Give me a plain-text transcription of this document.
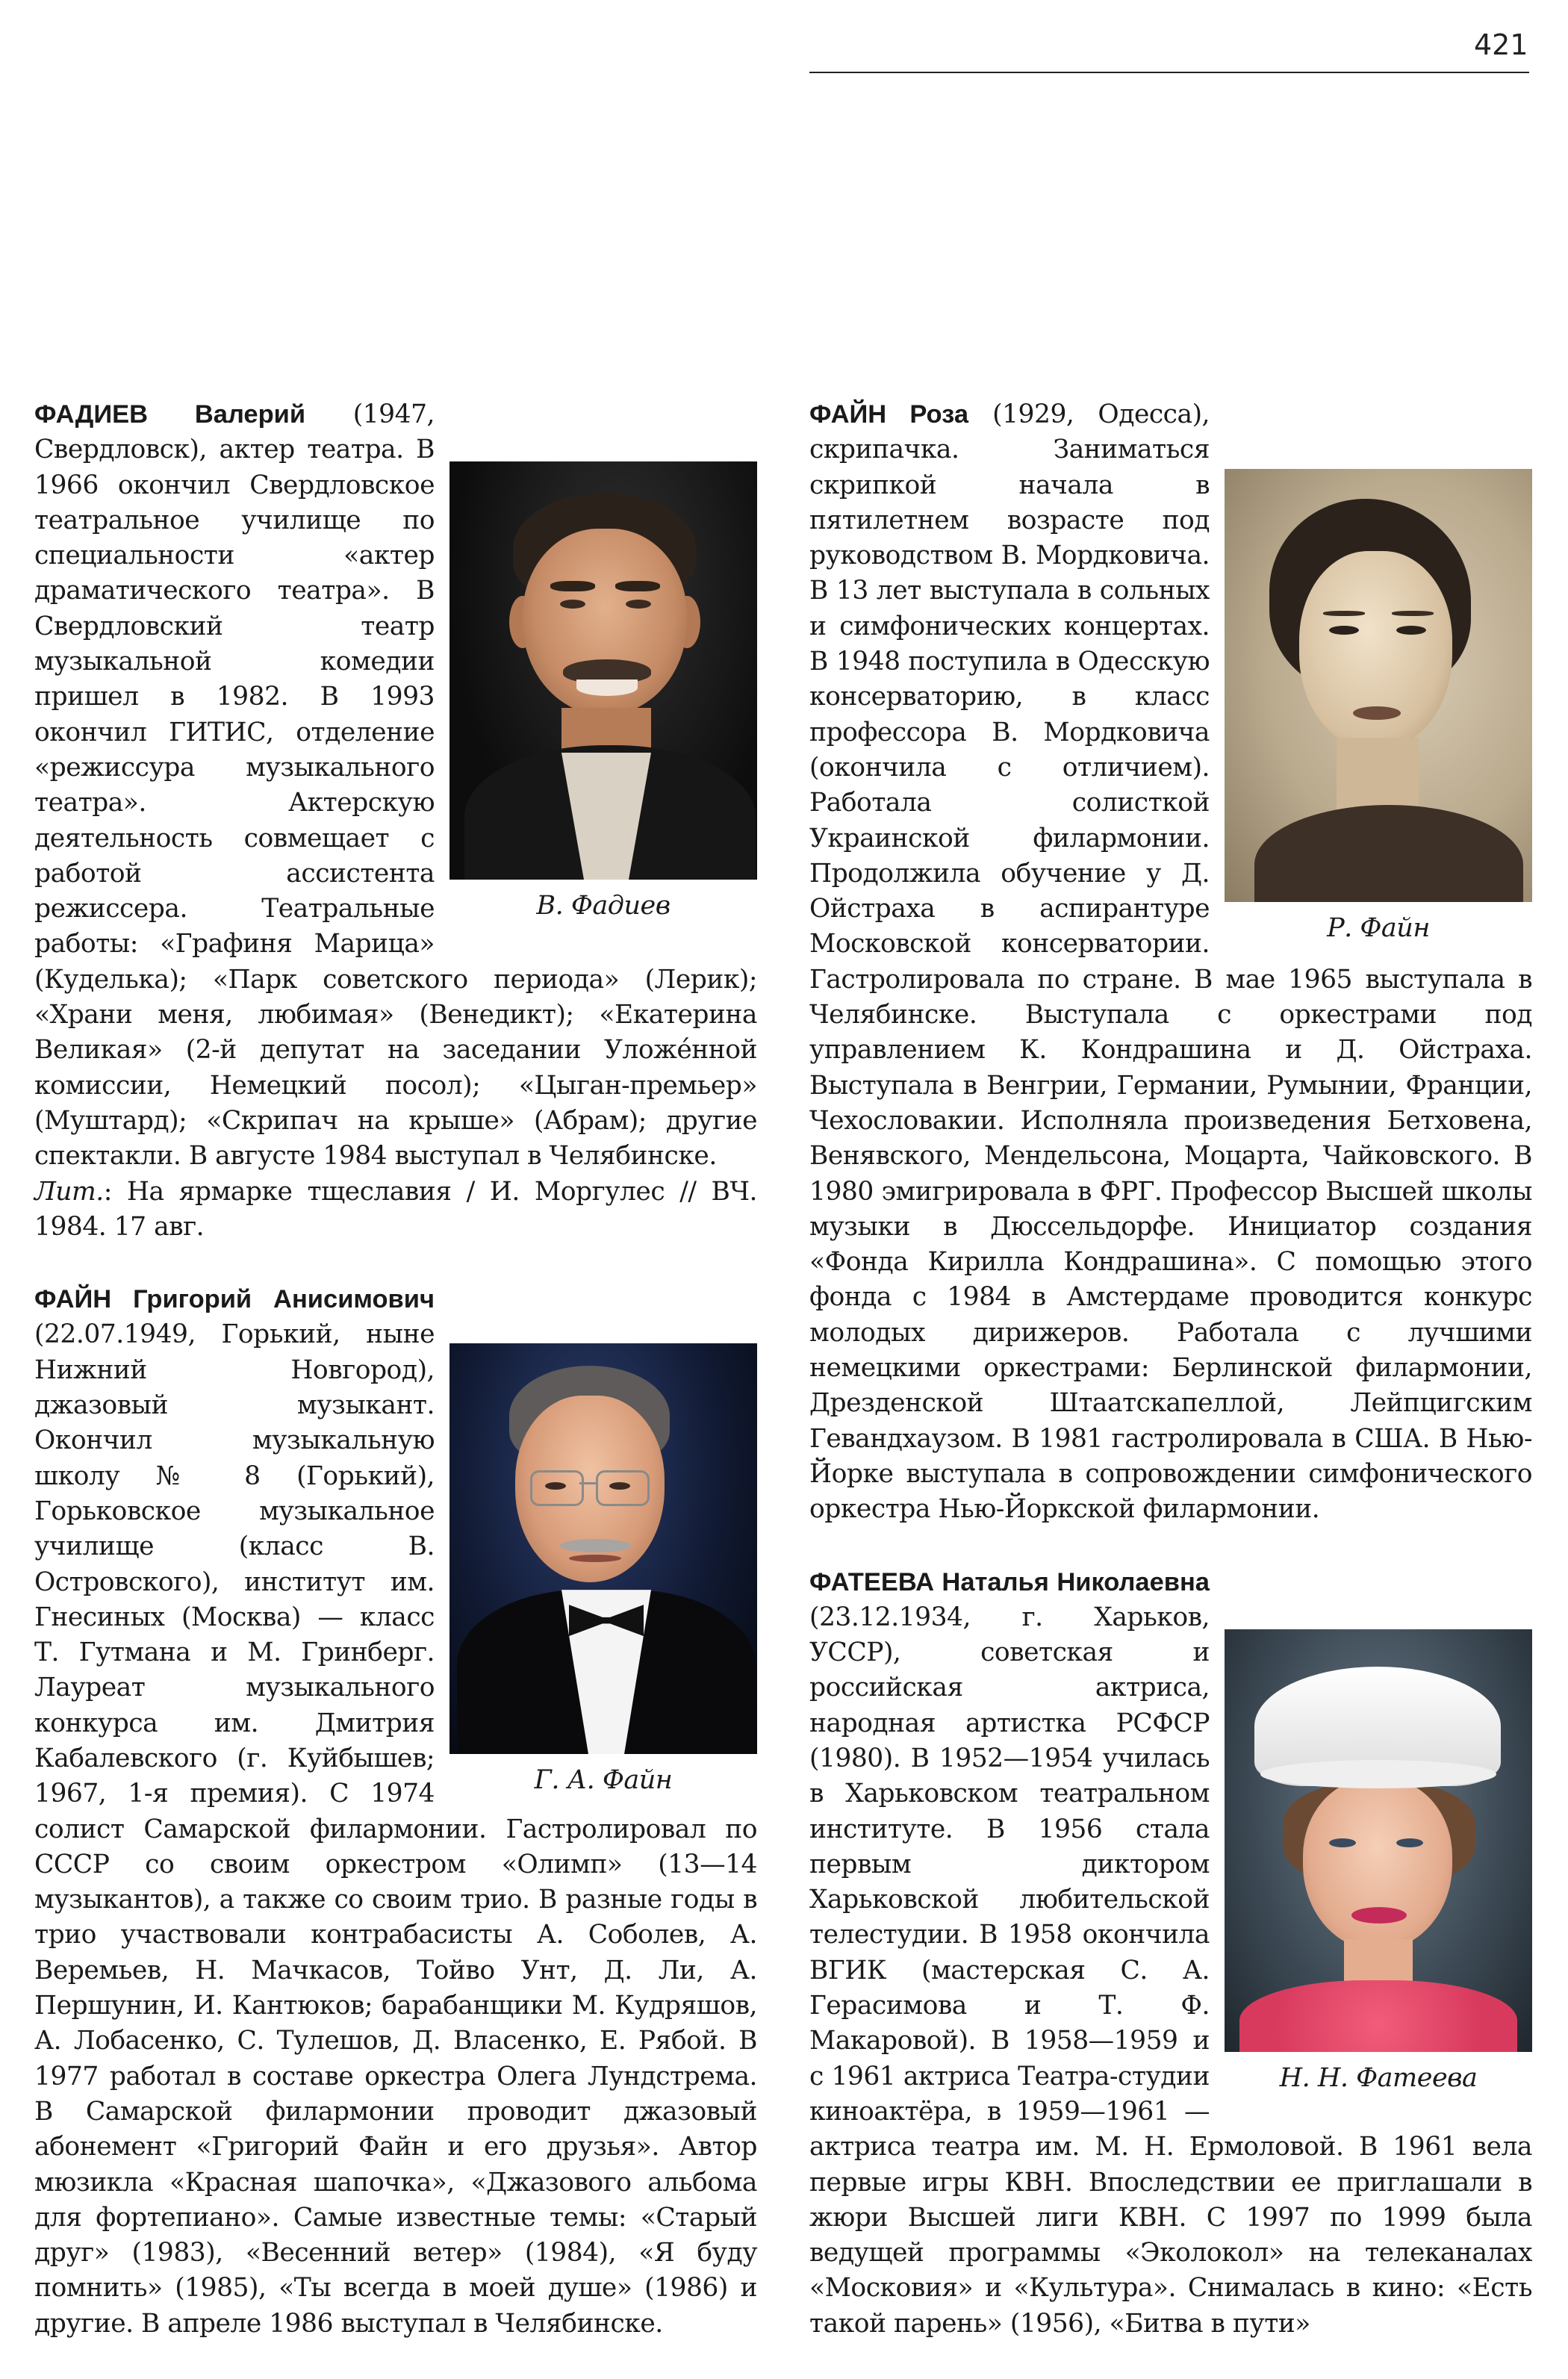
421
В. Фадиев

ФАДИЕВ Валерий (1947, Свердловск), актер театра. В 1966 окончил Свердловское театральное училище по специальности «актер драматического театра». В Свердловский театр музыкальной комедии пришел в 1982. В 1993 окончил ГИТИС, отделение «режиссура музыкального театра». Актерскую деятельность совмещает с работой ассистента режиссера. Театральные работы: «Графиня Марица» (Куделька); «Парк советского периода» (Лерик); «Храни меня, любимая» (Венедикт); «Екатерина Великая» (2-й депутат на заседании Уложéнной комиссии, Немецкий посол); «Цыган-премьер» (Муштард); «Скрипач на крыше» (Абрам); другие спектакли. В августе 1984 выступал в Челябинске.

Лит.: На ярмарке тщеславия / И. Моргулес // ВЧ. 1984. 17 авг.

Г. А. Файн

ФАЙН Григорий Анисимович (22.07.1949, Горький, ныне Нижний Новгород), джазовый музыкант. Окончил музыкальную школу № 8 (Горький), Горьковское музыкальное училище (класс В. Островского), институт им. Гнесиных (Москва) — класс Т. Гутмана и М. Гринберг. Лауреат музыкального конкурса им. Дмитрия Кабалевского (г. Куйбышев; 1967, 1-я премия). С 1974 солист Самарской филармонии. Гастролировал по СССР со своим оркестром «Олимп» (13—14 музыкантов), а также со своим трио. В разные годы в трио участвовали контрабасисты А. Соболев, А. Веремьев, Н. Мачкасов, Тойво Унт, Д. Ли, А. Першунин, И. Кантюков; барабанщики М. Кудряшов, А. Лобасенко, С. Тулешов, Д. Власенко, Е. Рябой. В 1977 работал в составе оркестра Олега Лундстрема. В Самарской филармонии проводит джазовый абонемент «Григорий Файн и его друзья». Автор мюзикла «Красная шапочка», «Джазового альбома для фортепиано». Самые известные темы: «Старый друг» (1983), «Весенний ветер» (1984), «Я буду помнить» (1985), «Ты всегда в моей душе» (1986) и другие. В апреле 1986 выступал в Челябинске.

Р. Файн

ФАЙН Роза (1929, Одесса), скрипачка. Заниматься скрипкой начала в пятилетнем возрасте под руководством В. Мордковича. В 13 лет выступала в сольных и симфонических концертах. В 1948 поступила в Одесскую консерваторию, в класс профессора В. Мордковича (окончила с отличием). Работала солисткой Украинской филармонии. Продолжила обучение у Д. Ойстраха в аспирантуре Московской консерватории. Гастролировала по стране. В мае 1965 выступала в Челябинске. Выступала с оркестрами под управлением К. Кондрашина и Д. Ойстраха. Выступала в Венгрии, Германии, Румынии, Франции, Чехословакии. Исполняла произведения Бетховена, Венявского, Мендельсона, Моцарта, Чайковского. В 1980 эмигрировала в ФРГ. Профессор Высшей школы музыки в Дюссельдорфе. Инициатор создания «Фонда Кирилла Кондрашина». С помощью этого фонда с 1984 в Амстердаме проводится конкурс молодых дирижеров. Работала с лучшими немецкими оркестрами: Берлинской филармонии, Дрезденской Штаатскапеллой, Лейпцигским Гевандхаузом. В 1981 гастролировала в США. В Нью-Йорке выступала в сопровождении симфонического оркестра Нью-Йоркской филармонии.

Н. Н. Фатеева

ФАТЕЕВА Наталья Николаевна (23.12.1934, г. Харьков, УССР), советская и российская актриса, народная артистка РСФСР (1980). В 1952—1954 училась в Харьковском театральном институте. В 1956 стала первым диктором Харьковской любительской телестудии. В 1958 окончила ВГИК (мастерская С. А. Герасимова и Т. Ф. Макаровой). В 1958—1959 и с 1961 актриса Театра-студии киноактёра, в 1959—1961 — актриса театра им. М. Н. Ермоловой. В 1961 вела первые игры КВН. Впоследствии ее приглашали в жюри Высшей лиги КВН. С 1997 по 1999 была ведущей программы «Эколокол» на телеканалах «Московия» и «Культура». Снималась в кино: «Есть такой парень» (1956), «Битва в пути»
